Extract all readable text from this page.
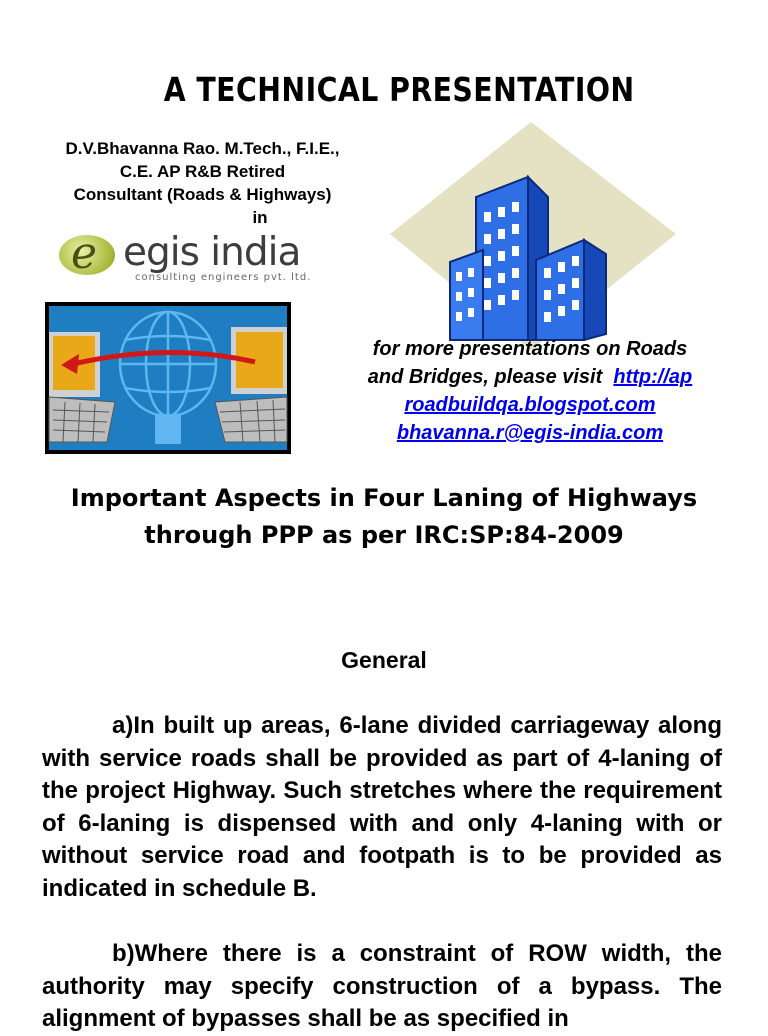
A TECHNICAL PRESENTATION
D.V.Bhavanna Rao. M.Tech., F.I.E.,
C.E. AP R&B Retired
Consultant (Roads & Highways)
in
e egis india
consulting engineers pvt. ltd.
for more presentations on Roads
and Bridges, please visit http://ap
roadbuildqa.blogspot.com
bhavanna.r@egis-india.com
Important Aspects in Four Laning of Highways
through PPP as per IRC:SP:84-2009
General
a)In built up areas, 6-lane divided carriageway along with service roads shall be provided as part of 4-laning of the project Highway. Such stretches where the requirement of 6-laning is dispensed with and only 4-laning with or without service road and footpath is to be provided as indicated in schedule B.
b)Where there is a constraint of ROW width, the authority may specify construction of a bypass. The alignment of bypasses shall be as specified in
